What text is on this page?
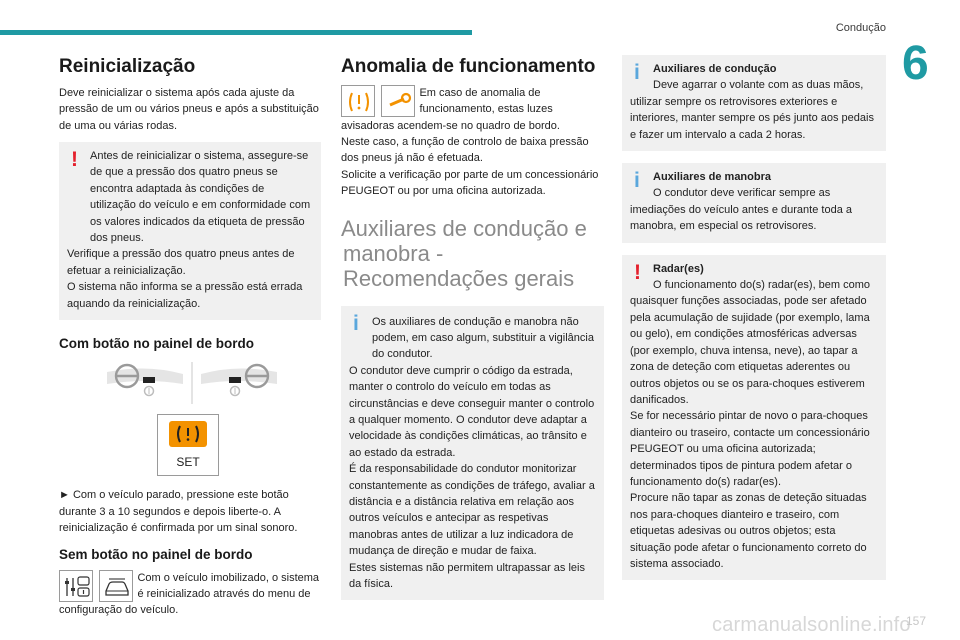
Condução
6
Reinicialização

Deve reinicializar o sistema após cada ajuste da pressão de um ou vários pneus e após a substituição de uma ou várias rodas.

!	Antes de reinicializar o sistema, assegure-se de que a pressão dos quatro pneus se encontra adaptada às condições de utilização do veículo e em conformidade com os valores indicados da etiqueta de pressão dos pneus.

Verifique a pressão dos quatro pneus antes de efetuar a reinicialização.

O sistema não informa se a pressão está errada aquando da reinicialização.

Com botão no painel de bordo
SET

► Com o veículo parado, pressione este botão durante 3 a 10 segundos e depois liberte-o. A reinicialização é confirmada por um sinal sonoro.

Sem botão no painel de bordo

Com o veículo imobilizado, o sistema é reinicializado através do menu de configuração do veículo.

Anomalia de funcionamento

Em caso de anomalia de funcionamento, estas luzes avisadoras acendem-se no quadro de bordo.

Neste caso, a função de controlo de baixa pressão dos pneus já não é efetuada.

Solicite a verificação por parte de um concessionário PEUGEOT ou por uma oficina autorizada.

Auxiliares de condução e manobra - Recomendações gerais
i	Os auxiliares de condução e manobra não podem, em caso algum, substituir a vigilância do condutor.

O condutor deve cumprir o código da estrada, manter o controlo do veículo em todas as circunstâncias e deve conseguir manter o controlo a qualquer momento. O condutor deve adaptar a velocidade às condições climáticas, ao trânsito e ao estado da estrada.

É da responsabilidade do condutor monitorizar constantemente as condições de tráfego, avaliar a distância e a distância relativa em relação aos outros veículos e antecipar as respetivas manobras antes de utilizar a luz indicadora de mudança de direção e mudar de faixa.

Estes sistemas não permitem ultrapassar as leis da física.

i	Auxiliares de condução

Deve agarrar o volante com as duas mãos, utilizar sempre os retrovisores exteriores e interiores, manter sempre os pés junto aos pedais e fazer um intervalo a cada 2 horas.

i	Auxiliares de manobra

O condutor deve verificar sempre as imediações do veículo antes e durante toda a manobra, em especial os retrovisores.

!	Radar(es)

O funcionamento do(s) radar(es), bem como quaisquer funções associadas, pode ser afetado pela acumulação de sujidade (por exemplo, lama ou gelo), em condições atmosféricas adversas (por exemplo, chuva intensa, neve), ao tapar a zona de deteção com etiquetas aderentes ou outros objetos ou se os para-choques estiverem danificados.

Se for necessário pintar de novo o para-choques dianteiro ou traseiro, contacte um concessionário PEUGEOT ou uma oficina autorizada; determinados tipos de pintura podem afetar o funcionamento do(s) radar(es).

Procure não tapar as zonas de deteção situadas nos para-choques dianteiro e traseiro, com etiquetas adesivas ou outros objetos; esta situação pode afetar o funcionamento correto do sistema associado.

carmanualsonline.info
157
